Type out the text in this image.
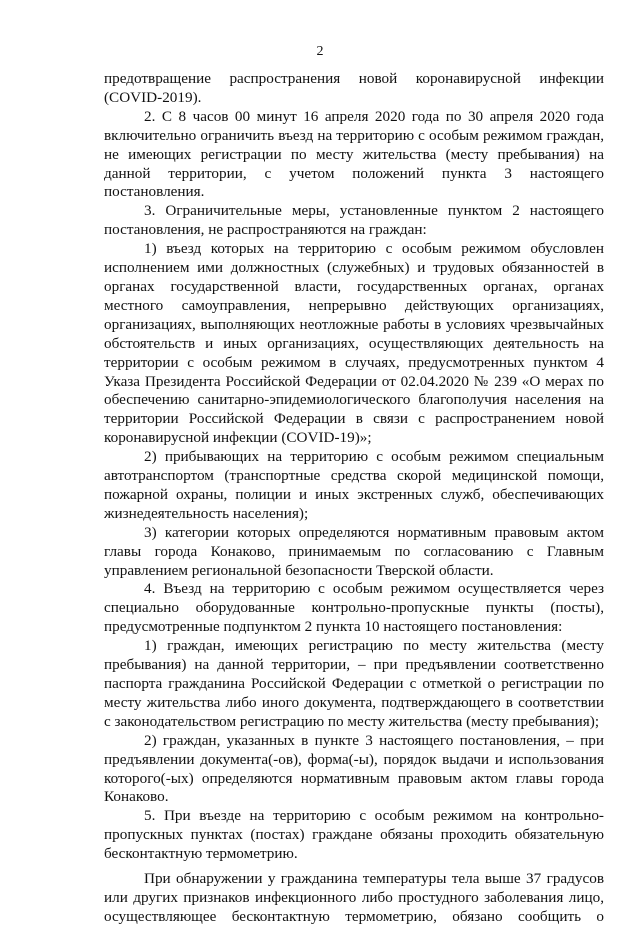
2

предотвращение распространения новой коронавирусной инфекции (COVID-2019).

2. С 8 часов 00 минут 16 апреля 2020 года по 30 апреля 2020 года включительно ограничить въезд на территорию с особым режимом граждан, не имеющих регистрации по месту жительства (месту пребывания) на данной территории, с учетом положений пункта 3 настоящего постановления.

3. Ограничительные меры, установленные пунктом 2 настоящего постановления, не распространяются на граждан:

1) въезд которых на территорию с особым режимом обусловлен исполнением ими должностных (служебных) и трудовых обязанностей в органах государственной власти, государственных органах, органах местного самоуправления, непрерывно действующих организациях, организациях, выполняющих неотложные работы в условиях чрезвычайных обстоятельств и иных организациях, осуществляющих деятельность на территории с особым режимом в случаях, предусмотренных пунктом 4 Указа Президента Российской Федерации от 02.04.2020 № 239 «О мерах по обеспечению санитарно-эпидемиологического благополучия населения на территории Российской Федерации в связи с распространением новой коронавирусной инфекции (COVID-19)»;

2) прибывающих на территорию с особым режимом специальным автотранспортом (транспортные средства скорой медицинской помощи, пожарной охраны, полиции и иных экстренных служб, обеспечивающих жизнедеятельность населения);

3) категории которых определяются нормативным правовым актом главы города Конаково, принимаемым по согласованию с Главным управлением региональной безопасности Тверской области.

4. Въезд на территорию с особым режимом осуществляется через специально оборудованные контрольно-пропускные пункты (посты), предусмотренные подпунктом 2 пункта 10 настоящего постановления:

1) граждан, имеющих регистрацию по месту жительства (месту пребывания) на данной территории, – при предъявлении соответственно паспорта гражданина Российской Федерации с отметкой о регистрации по месту жительства либо иного документа, подтверждающего в соответствии с законодательством регистрацию по месту жительства (месту пребывания);

2) граждан, указанных в пункте 3 настоящего постановления, – при предъявлении документа(-ов), форма(-ы), порядок выдачи и использования которого(-ых) определяются нормативным правовым актом главы города Конаково.

5. При въезде на территорию с особым режимом на контрольно-пропускных пунктах (постах) граждане обязаны проходить обязательную бесконтактную термометрию.

При обнаружении у гражданина температуры тела выше 37 градусов или других признаков инфекционного либо простудного заболевания лицо, осуществляющее бесконтактную термометрию, обязано сообщить о
